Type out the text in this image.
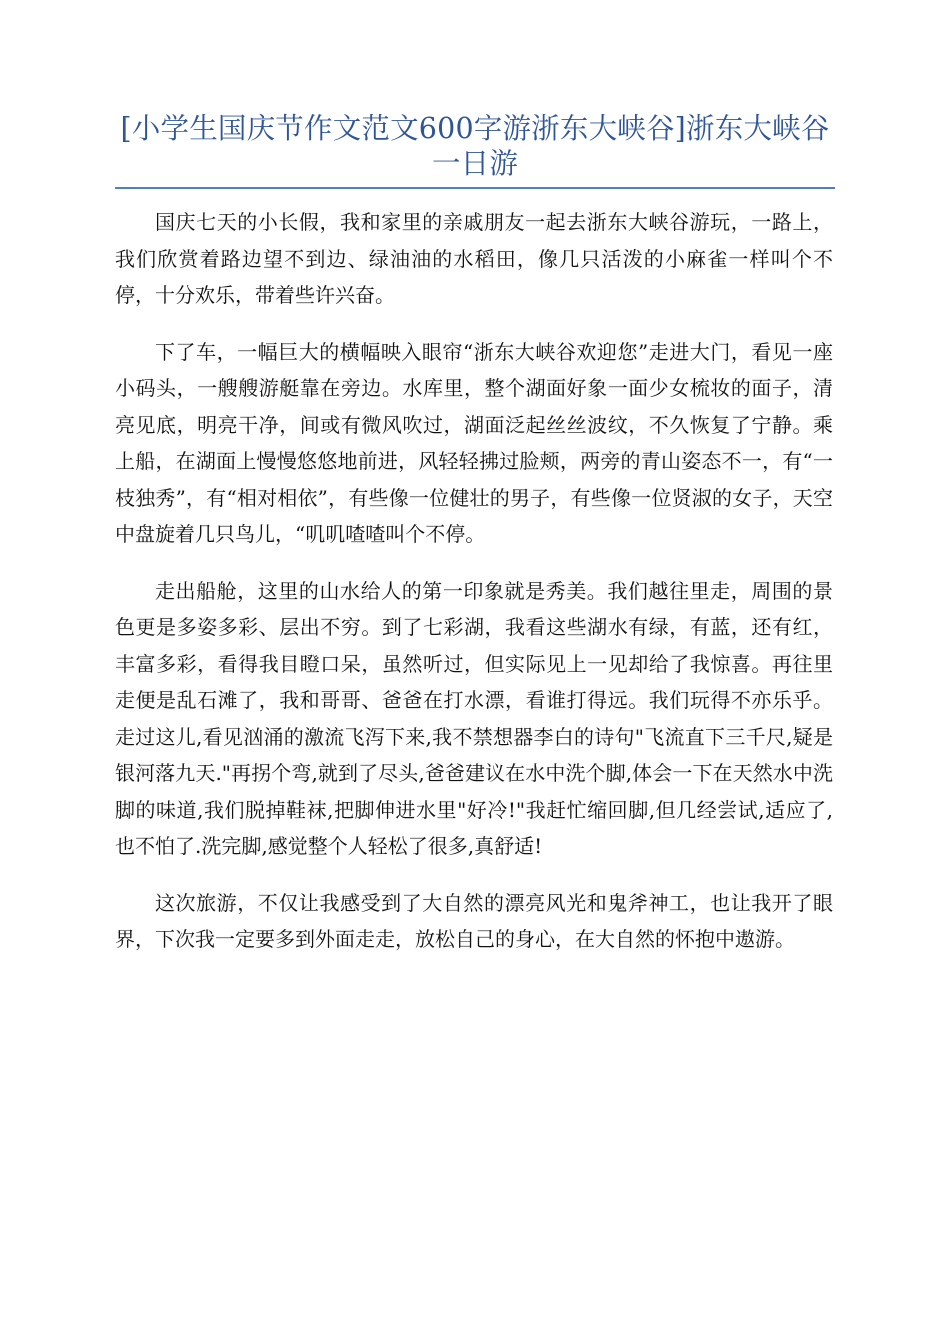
[小学生国庆节作文范文600字游浙东大峡谷]浙东大峡谷一日游

国庆七天的小长假，我和家里的亲戚朋友一起去浙东大峡谷游玩，一路上，我们欣赏着路边望不到边、绿油油的水稻田，像几只活泼的小麻雀一样叫个不停，十分欢乐，带着些许兴奋。

下了车，一幅巨大的横幅映入眼帘“浙东大峡谷欢迎您”走进大门，看见一座小码头，一艘艘游艇靠在旁边。水库里，整个湖面好象一面少女梳妆的面子，清亮见底，明亮干净，间或有微风吹过，湖面泛起丝丝波纹，不久恢复了宁静。乘上船，在湖面上慢慢悠悠地前进，风轻轻拂过脸颊，两旁的青山姿态不一，有“一枝独秀”，有“相对相依”，有些像一位健壮的男子，有些像一位贤淑的女子，天空中盘旋着几只鸟儿，“叽叽喳喳叫个不停。

走出船舱，这里的山水给人的第一印象就是秀美。我们越往里走，周围的景色更是多姿多彩、层出不穷。到了七彩湖，我看这些湖水有绿，有蓝，还有红，丰富多彩，看得我目瞪口呆，虽然听过，但实际见上一见却给了我惊喜。再往里走便是乱石滩了，我和哥哥、爸爸在打水漂，看谁打得远。我们玩得不亦乐乎。走过这儿,看见汹涌的激流飞泻下来,我不禁想器李白的诗句"飞流直下三千尺,疑是银河落九天."再拐个弯,就到了尽头,爸爸建议在水中洗个脚,体会一下在天然水中洗脚的味道,我们脱掉鞋袜,把脚伸进水里"好冷!"我赶忙缩回脚,但几经尝试,适应了,也不怕了.洗完脚,感觉整个人轻松了很多,真舒适!

这次旅游，不仅让我感受到了大自然的漂亮风光和鬼斧神工，也让我开了眼界，下次我一定要多到外面走走，放松自己的身心，在大自然的怀抱中遨游。
